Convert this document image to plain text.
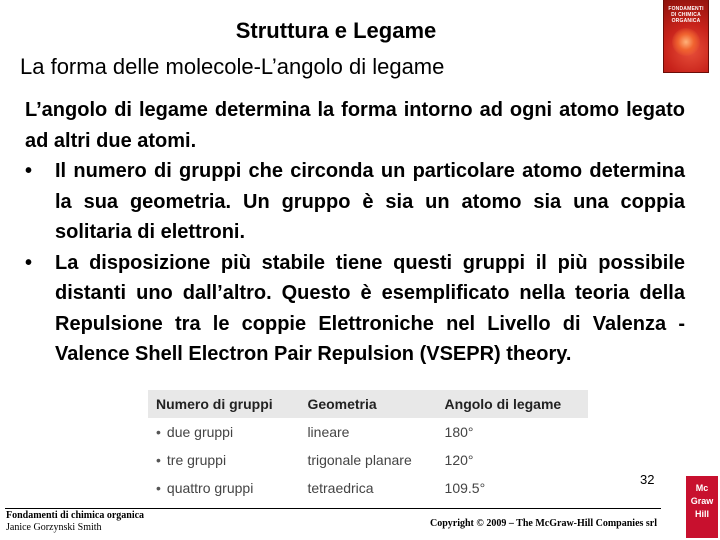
Struttura e Legame
La forma delle molecole-L’angolo di legame
FONDAMENTI DI CHIMICA ORGANICA

L’angolo di legame determina la forma intorno ad ogni atomo legato ad altri due atomi.

• Il numero di gruppi che circonda un particolare atomo determina la sua geometria. Un gruppo è sia un atomo sia una coppia solitaria di elettroni.

• La disposizione più stabile tiene questi gruppi il più possibile distanti uno dall’altro. Questo è esemplificato nella teoria della Repulsione tra le coppie Elettroniche nel Livello di Valenza - Valence Shell Electron Pair Repulsion (VSEPR) theory.

Numero di gruppi	Geometria	Angolo di legame
• due gruppi	lineare	180°
• tre gruppi	trigonale planare	120°
• quattro gruppi	tetraedrica	109.5°
32
Fondamenti di chimica organica
Janice Gorzynski Smith	Copyright © 2009 – The McGraw-Hill Companies srl
Mc
Graw
Hill
